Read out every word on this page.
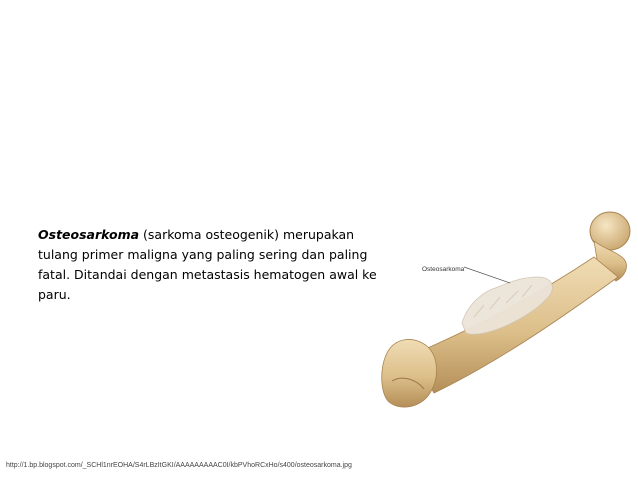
Osteosarkoma (sarkoma osteogenik) merupakan
tulang primer maligna yang paling sering dan paling
fatal. Ditandai dengan metastasis hematogen awal ke
paru.
Osteosarkoma
http://1.bp.blogspot.com/_SCHl1nrEOHA/S4rLBzItGKI/AAAAAAAAAC0I/kbPVhoRCxHo/s400/osteosarkoma.jpg
